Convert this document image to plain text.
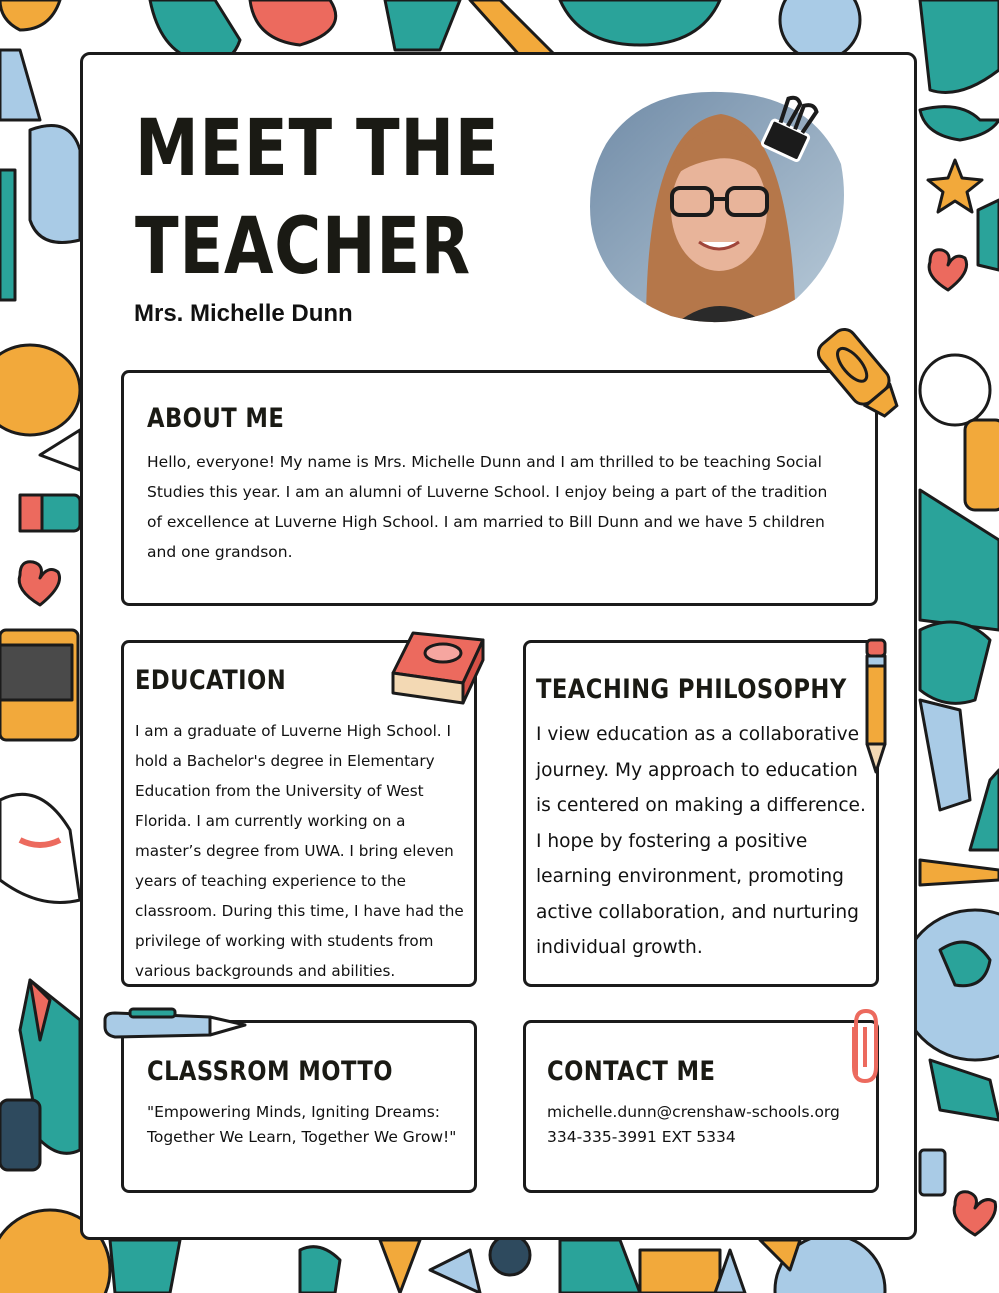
MEET THE
TEACHER
Mrs. Michelle Dunn
ABOUT ME

Hello, everyone! My name is Mrs. Michelle Dunn and I am thrilled to be teaching Social Studies this year. I am an alumni of Luverne School. I enjoy being a part of the tradition of excellence at Luverne High School. I am married to Bill Dunn and we have 5 children and one grandson.

EDUCATION

I am a graduate of Luverne High School. I hold a Bachelor's degree in Elementary Education from the University of West Florida. I am currently working on a master’s degree from UWA. I bring eleven years of teaching experience to the classroom. During this time, I have had the privilege of working with students from various backgrounds and abilities.

TEACHING PHILOSOPHY

I view education as a collaborative journey. My approach to education is centered on making a difference. I hope by fostering a positive learning environment, promoting active collaboration, and nurturing individual growth.

CLASSROM MOTTO

"Empowering Minds, Igniting Dreams: Together We Learn, Together We Grow!"

CONTACT ME

michelle.dunn@crenshaw-schools.org
334-335-3991 EXT 5334
